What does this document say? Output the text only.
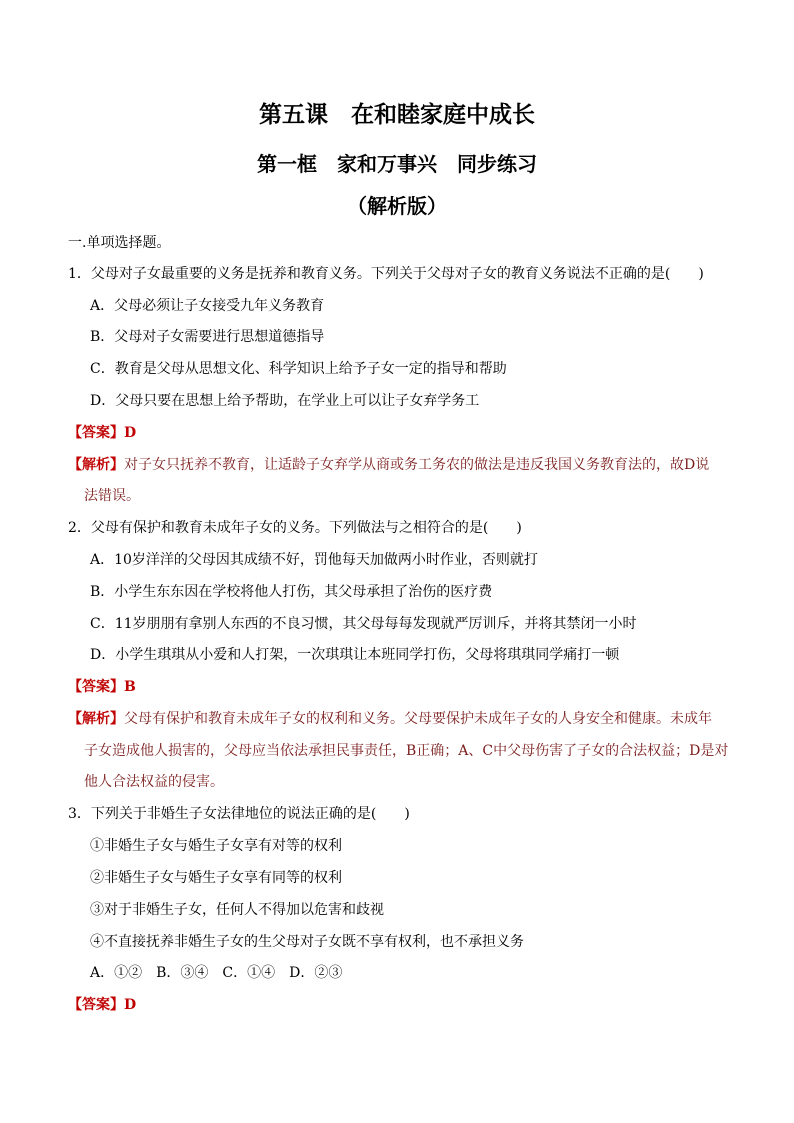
第五课　在和睦家庭中成长
第一框　家和万事兴　同步练习
（解析版）
一.单项选择题。
1．父母对子女最重要的义务是抚养和教育义务。下列关于父母对子女的教育义务说法不正确的是(　　)
A．父母必须让子女接受九年义务教育
B．父母对子女需要进行思想道德指导
C．教育是父母从思想文化、科学知识上给予子女一定的指导和帮助
D．父母只要在思想上给予帮助，在学业上可以让子女弃学务工
【答案】D
【解析】对子女只抚养不教育，让适龄子女弃学从商或务工务农的做法是违反我国义务教育法的，故D说
法错误。
2．父母有保护和教育未成年子女的义务。下列做法与之相符合的是(　　)
A．10岁洋洋的父母因其成绩不好，罚他每天加做两小时作业，否则就打
B．小学生东东因在学校将他人打伤，其父母承担了治伤的医疗费
C．11岁朋朋有拿别人东西的不良习惯，其父母每每发现就严厉训斥，并将其禁闭一小时
D．小学生琪琪从小爱和人打架，一次琪琪让本班同学打伤，父母将琪琪同学痛打一顿
【答案】B
【解析】父母有保护和教育未成年子女的权利和义务。父母要保护未成年子女的人身安全和健康。未成年
子女造成他人损害的，父母应当依法承担民事责任，B正确；A、C中父母伤害了子女的合法权益；D是对
他人合法权益的侵害。
3．下列关于非婚生子女法律地位的说法正确的是(　　)
①非婚生子女与婚生子女享有对等的权利
②非婚生子女与婚生子女享有同等的权利
③对于非婚生子女，任何人不得加以危害和歧视
④不直接抚养非婚生子女的生父母对子女既不享有权利，也不承担义务
A．①②　B．③④　C．①④　D．②③
【答案】D
